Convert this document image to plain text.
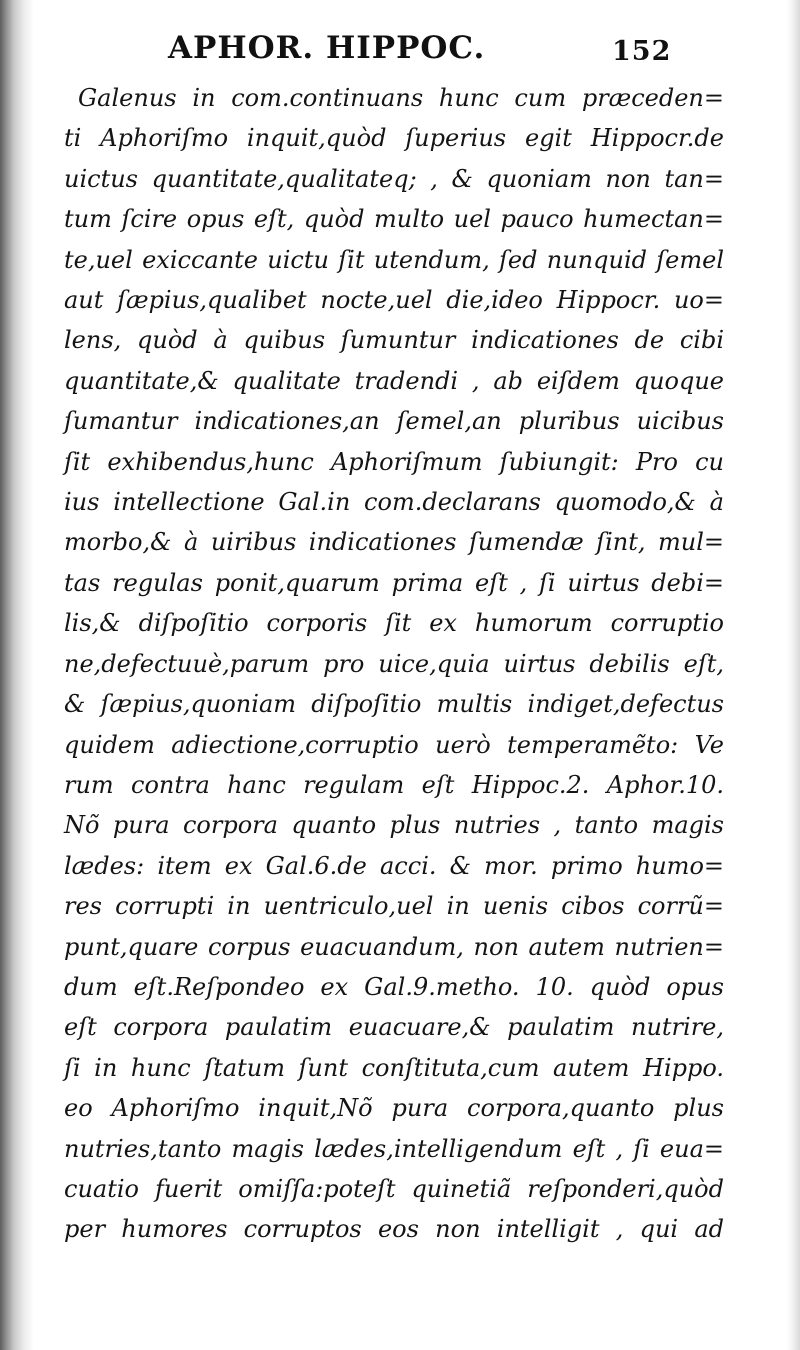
APHOR. HIPPOC.	152
Galenus in com.continuans hunc cum præceden=
ti Aphoriſmo inquit,quòd ſuperius egit Hippocr.de
uictus quantitate,qualitateq; , & quoniam non tan=
tum ſcire opus eſt, quòd multo uel pauco humectan=
te,uel exiccante uictu ſit utendum, ſed nunquid ſemel
aut ſæpius,qualibet nocte,uel die,ideo Hippocr. uo=
lens, quòd à quibus ſumuntur indicationes de cibi
quantitate,& qualitate tradendi , ab eiſdem quoque
ſumantur indicationes,an ſemel,an pluribus uicibus
ſit exhibendus,hunc Aphoriſmum ſubiungit: Pro cu
ius intellectione Gal.in com.declarans quomodo,& à
morbo,& à uiribus indicationes ſumendæ ſint, mul=
tas regulas ponit,quarum prima eſt , ſi uirtus debi=
lis,& diſpoſitio corporis ſit ex humorum corruptio
ne,defectuuè,parum pro uice,quia uirtus debilis eſt,
& ſæpius,quoniam diſpoſitio multis indiget,defectus
quidem adiectione,corruptio uerò temperamẽto: Ve
rum contra hanc regulam eſt Hippoc.2. Aphor.10.
Nõ pura corpora quanto plus nutries , tanto magis
lædes: item ex Gal.6.de acci. & mor. primo humo=
res corrupti in uentriculo,uel in uenis cibos corrũ=
punt,quare corpus euacuandum, non autem nutrien=
dum eſt.Reſpondeo ex Gal.9.metho. 10. quòd opus
eſt corpora paulatim euacuare,& paulatim nutrire,
ſi in hunc ſtatum ſunt conſtituta,cum autem Hippo.
eo Aphoriſmo inquit,Nõ pura corpora,quanto plus
nutries,tanto magis lædes,intelligendum eſt , ſi eua=
cuatio fuerit omiſſa:poteſt quinetiã reſponderi,quòd
per humores corruptos eos non intelligit , qui ad
